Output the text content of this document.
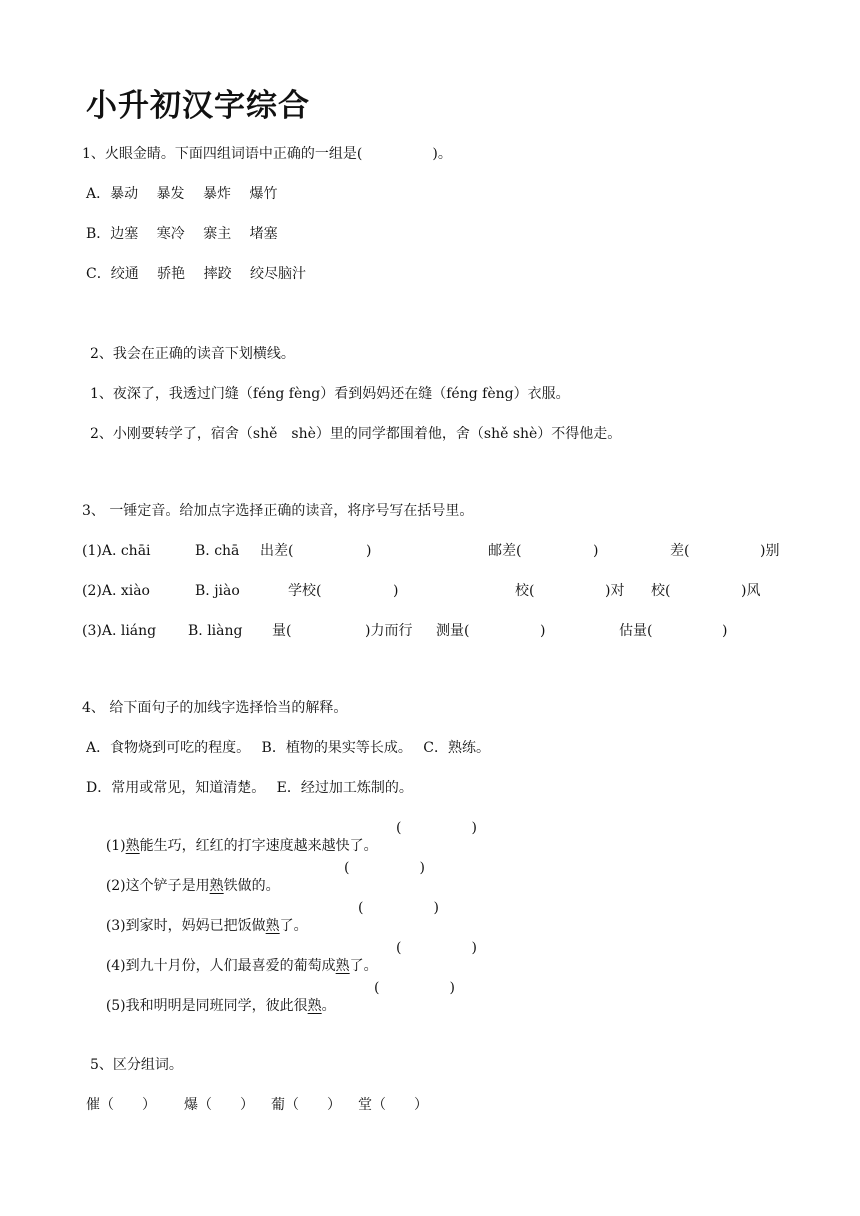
小升初汉字综合
1、火眼金睛。下面四组词语中正确的一组是(　　　　　)。
A．暴动　 暴发　 暴炸　 爆竹
B．边塞　 寒冷　 寨主　 堵塞
C．绞通　 骄艳　 摔跤　 绞尽脑汁
2、我会在正确的读音下划横线。
1、夜深了，我透过门缝（féng fèng）看到妈妈还在缝（féng fèng）衣服。
2、小刚要转学了，宿舍（shě　shè）里的同学都围着他，舍（shě shè）不得他走。
3、 一锤定音。给加点字选择正确的读音，将序号写在括号里。
(1)A. chāi	B. chā 出差(	)	邮差(	)	差(	)别
(2)A. xiào	B. jiào	学校(	)	校(	)对 校(	)风
(3)A. liáng B. liàng 量(	)力而行 测量(	)	估量(	)
4、 给下面句子的加线字选择恰当的解释。
A．食物烧到可吃的程度。　 B．植物的果实等长成。　 C．熟练。
D．常用或常见，知道清楚。　 E．经过加工炼制的。

(1)熟能生巧，红红的打字速度越来越快了。

(　　　　　)

(2)这个铲子是用熟铁做的。

(　　　　　)

(3)到家时，妈妈已把饭做熟了。

(　　　　　)

(4)到九十月份，人们最喜爱的葡萄成熟了。

(　　　　　)

(5)我和明明是同班同学，彼此很熟。

(　　　　　)
5、区分组词。
催（　　） 爆（　　） 葡（　　） 堂（　　）
